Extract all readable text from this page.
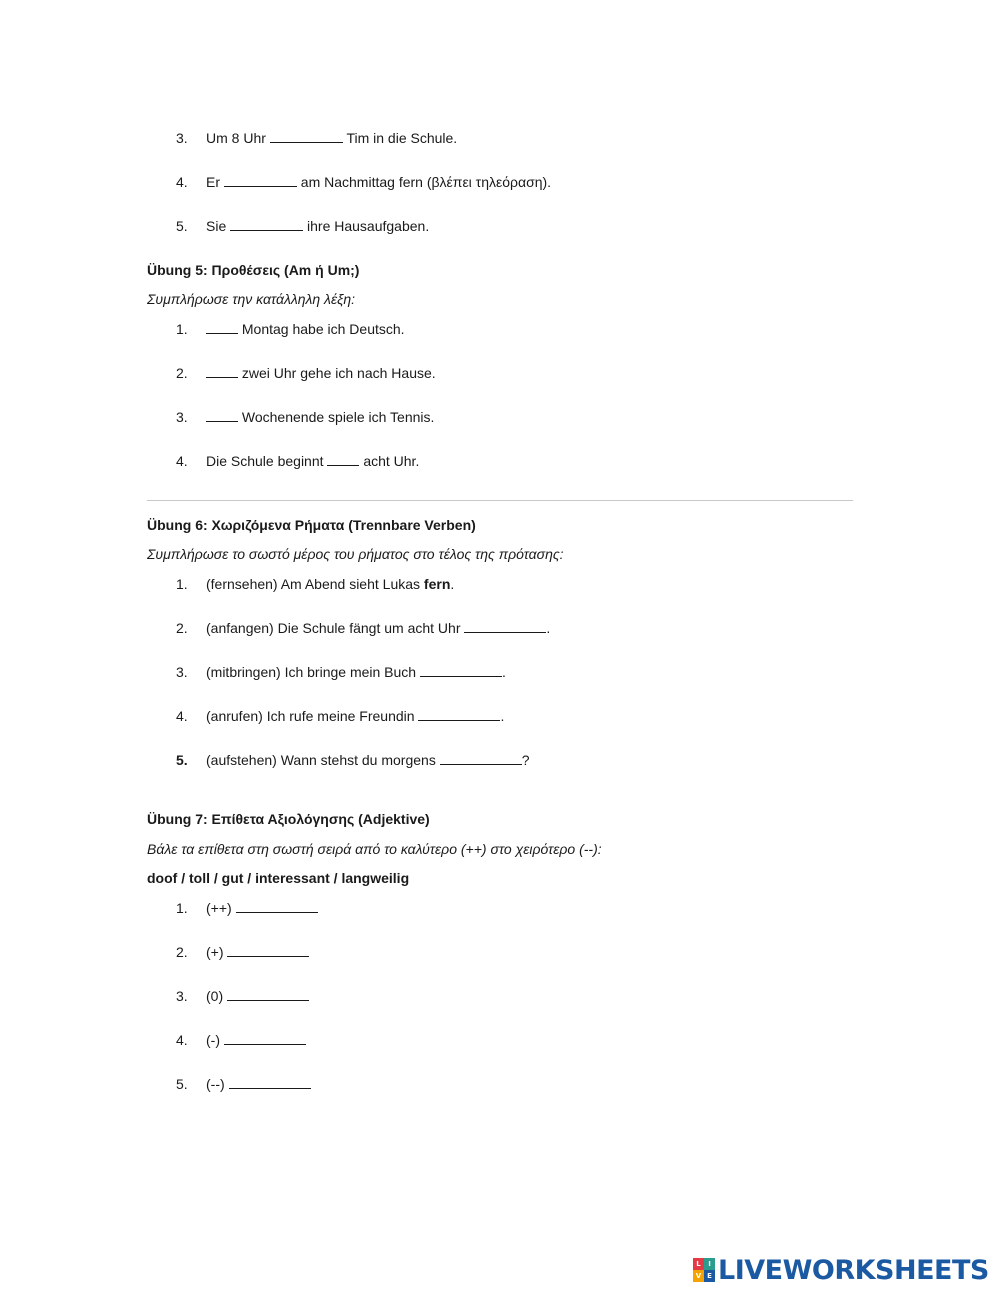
3. Um 8 Uhr	Tim in die Schule.
4. Er	am Nachmittag fern (βλέπει τηλεόραση).
5. Sie	ihre Hausaufgaben.
Übung 5: Προθέσεις (Am ή Um;)
Συμπλήρωσε την κατάλληλη λέξη:
1.	Montag habe ich Deutsch.
2.	zwei Uhr gehe ich nach Hause.
3.	Wochenende spiele ich Tennis.
4. Die Schule beginnt	acht Uhr.
Übung 6: Χωριζόμενα Ρήματα (Trennbare Verben)
Συμπλήρωσε το σωστό μέρος του ρήματος στο τέλος της πρότασης:
1. (fernsehen) Am Abend sieht Lukas fern.
2. (anfangen) Die Schule fängt um acht Uhr	.
3. (mitbringen) Ich bringe mein Buch	.
4. (anrufen) Ich rufe meine Freundin	.
5. (aufstehen) Wann stehst du morgens	?
Übung 7: Επίθετα Αξιολόγησης (Adjektive)
Βάλε τα επίθετα στη σωστή σειρά από το καλύτερο (++) στο χειρότερο (--):
doof / toll / gut / interessant / langweilig
1. (++)
2. (+)
3. (0)
4. (-)
5. (--)
L	I
V E LIVEWORKSHEETS
